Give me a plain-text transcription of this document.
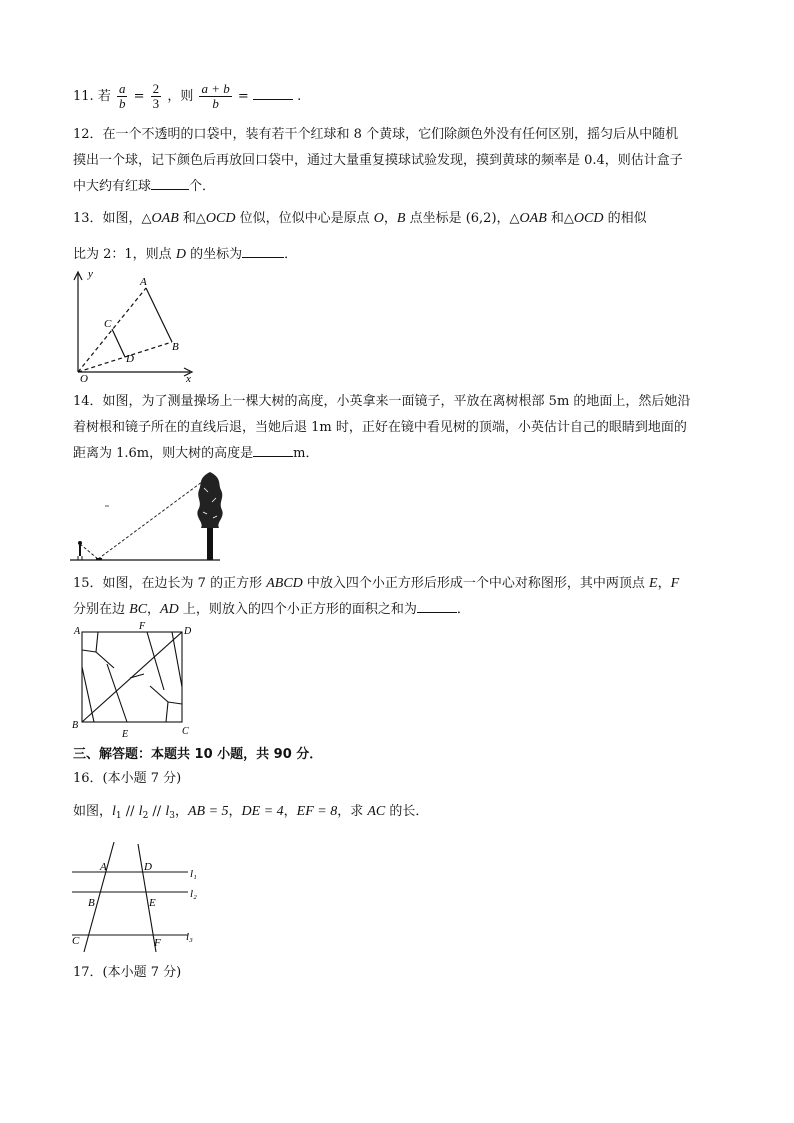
11. 若 $\frac{a}{b} = \frac{2}{3}$ ，则 $\frac{a + b}{b}$ =	.
12．在一个不透明的口袋中，装有若干个红球和 8 个黄球，它们除颜色外没有任何区别，摇匀后从中随机
摸出一个球，记下颜色后再放回口袋中，通过大量重复摸球试验发现，摸到黄球的频率是 0.4，则估计盒子
中大约有红球	个．
13．如图，△OAB 和△OCD 位似，位似中心是原点 O，B 点坐标是 (6,2)，△OAB 和△OCD 的相似
比为 2：1，则点 D 的坐标为	．
y
x
O
A
B
C
D
14．如图，为了测量操场上一棵大树的高度，小英拿来一面镜子，平放在离树根部 5m 的地面上，然后她沿
着树根和镜子所在的直线后退，当她后退 1m 时，正好在镜中看见树的顶端，小英估计自己的眼睛到地面的
距离为 1.6m，则大树的高度是	m．
15．如图，在边长为 7 的正方形 ABCD 中放入四个小正方形后形成一个中心对称图形，其中两顶点 E，F
分别在边 BC，AD 上，则放入的四个小正方形的面积之和为	．
A
B
C
D
E
F
三、解答题：本题共 10 小题，共 90 分．
16．(本小题 7 分)
如图，$l_1 // l_2 // l_3$，AB = 5，DE = 4，EF = 8，求 AC 的长．
A
B
C
D
E
F
l₁
l₂
l₃
17．(本小题 7 分)
